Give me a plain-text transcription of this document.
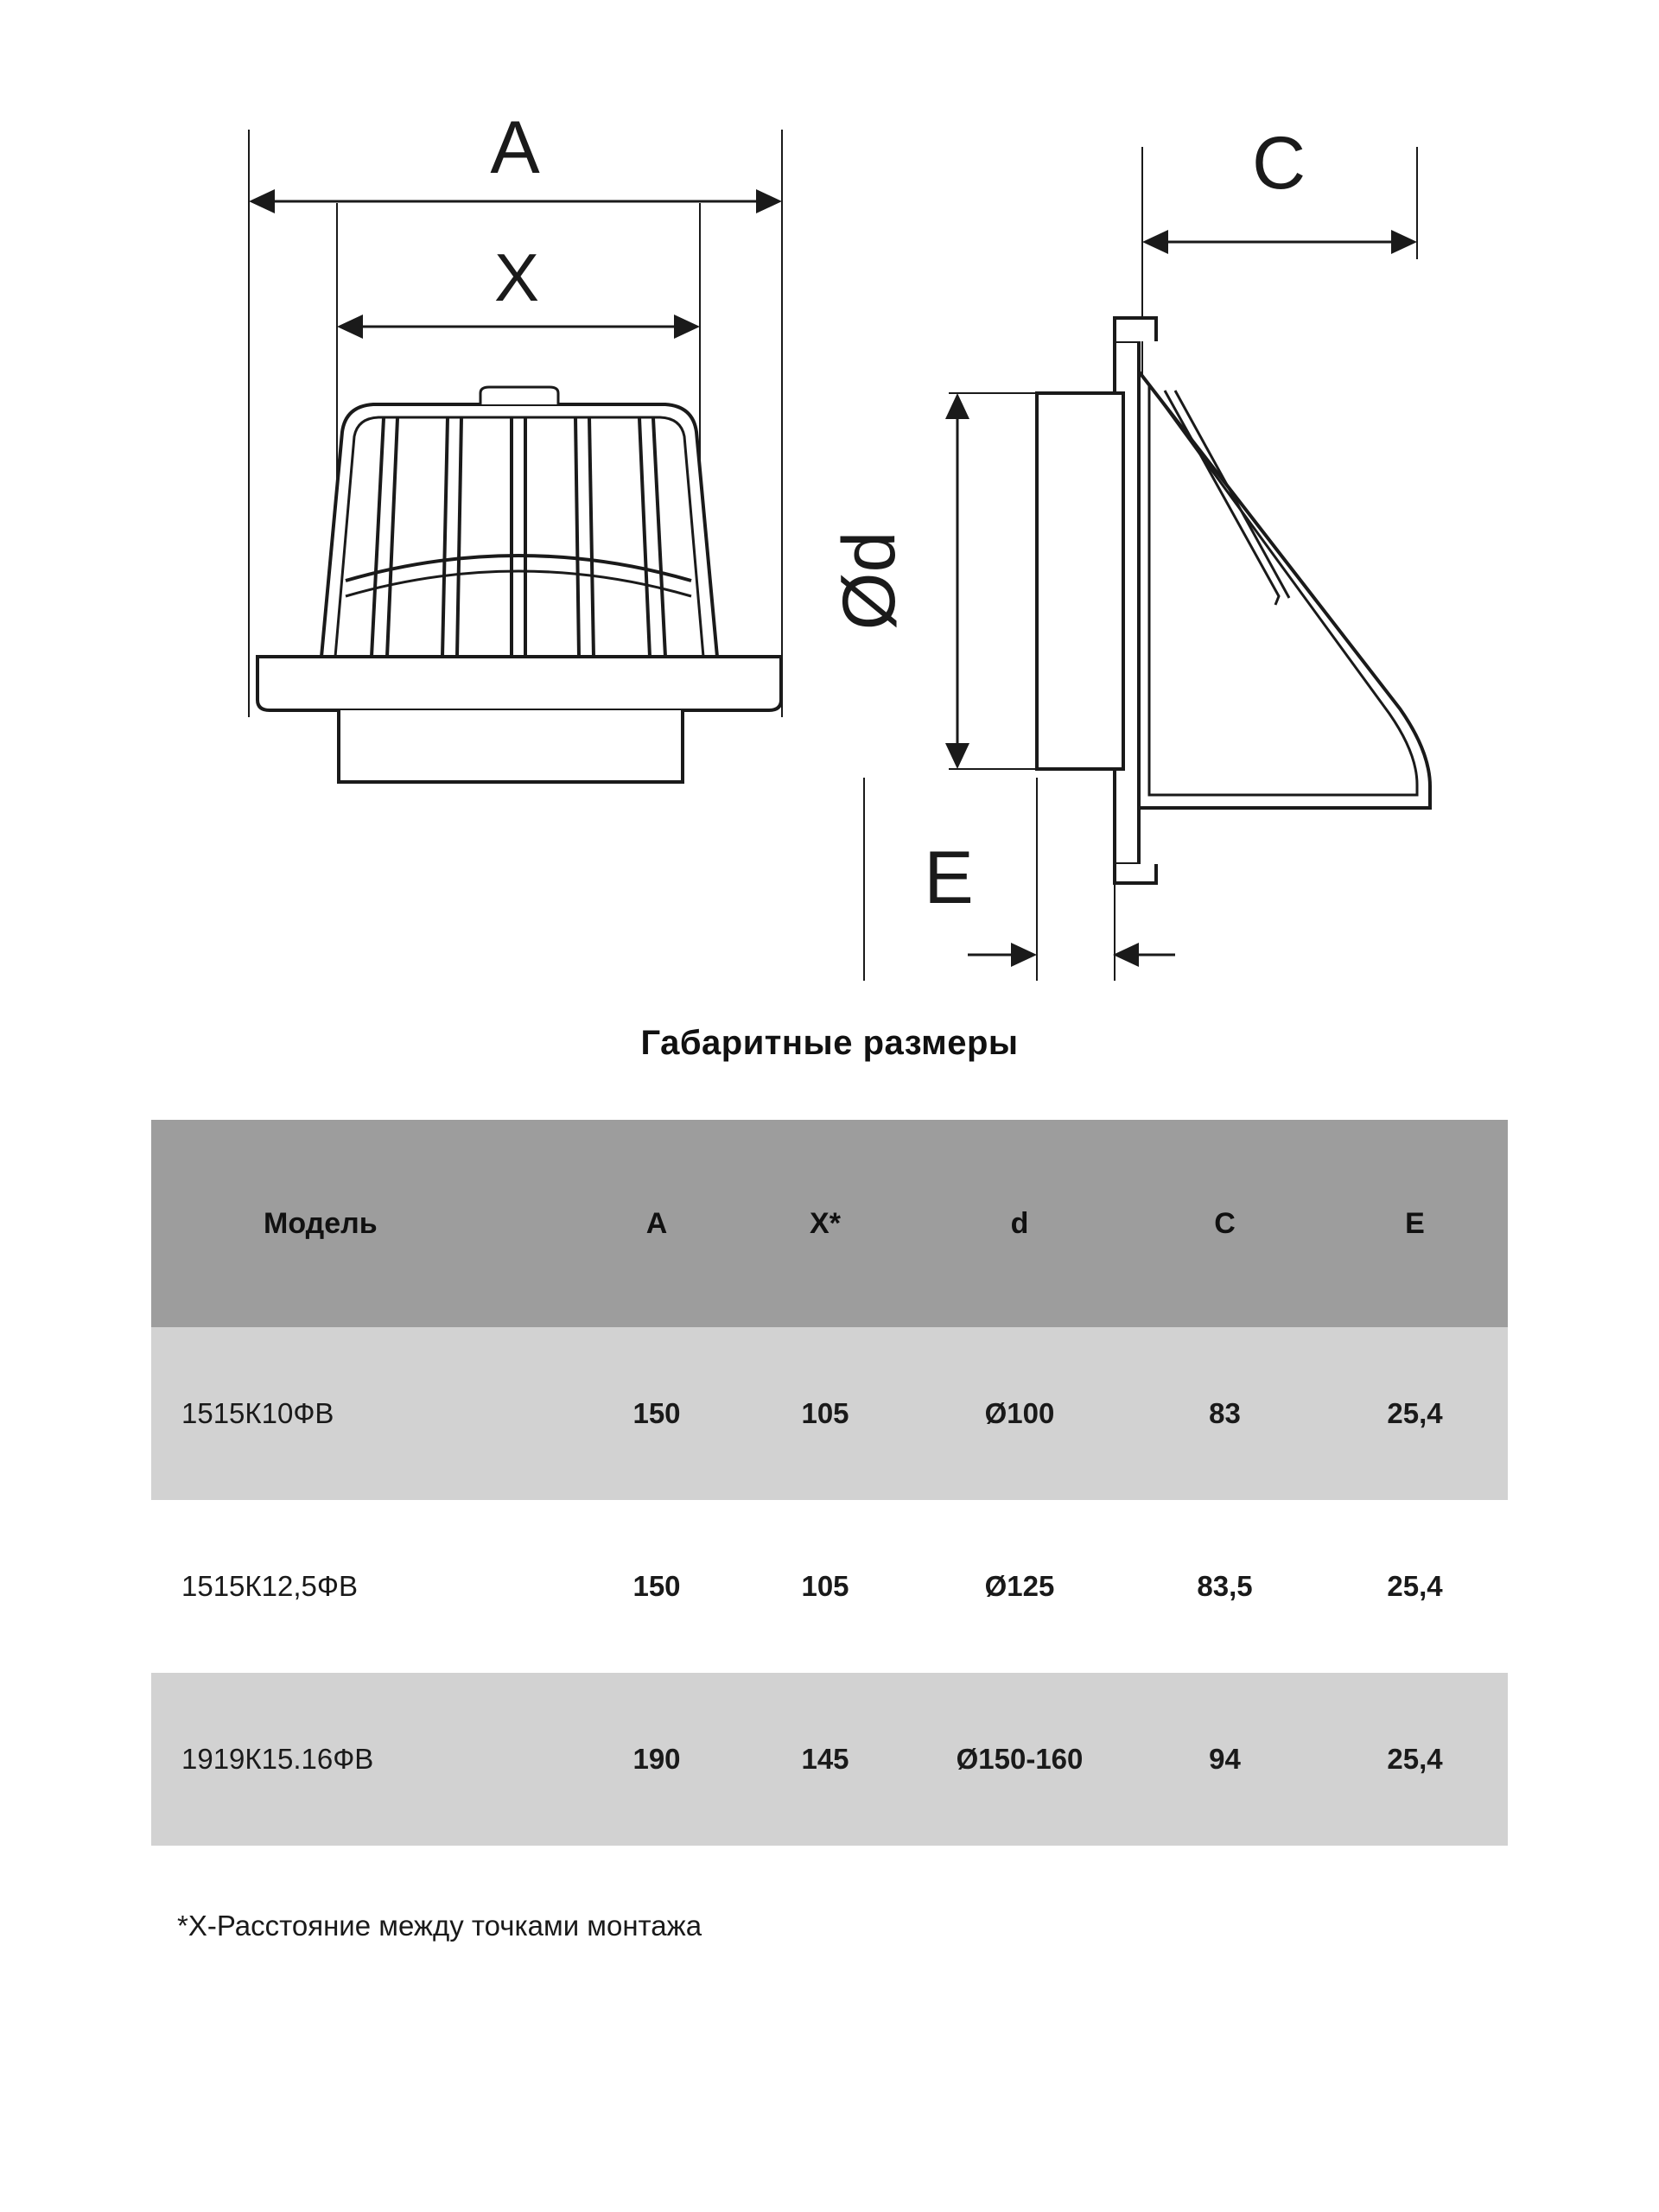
A
X
Ød
C
E
Габаритные размеры
Модель	A	X*	d	C	E
1515К10ФВ	150	105	Ø100	83	25,4
1515К12,5ФВ	150	105	Ø125	83,5	25,4
1919К15.16ФВ	190	145	Ø150-160	94	25,4
*X-Расстояние между точками монтажа
